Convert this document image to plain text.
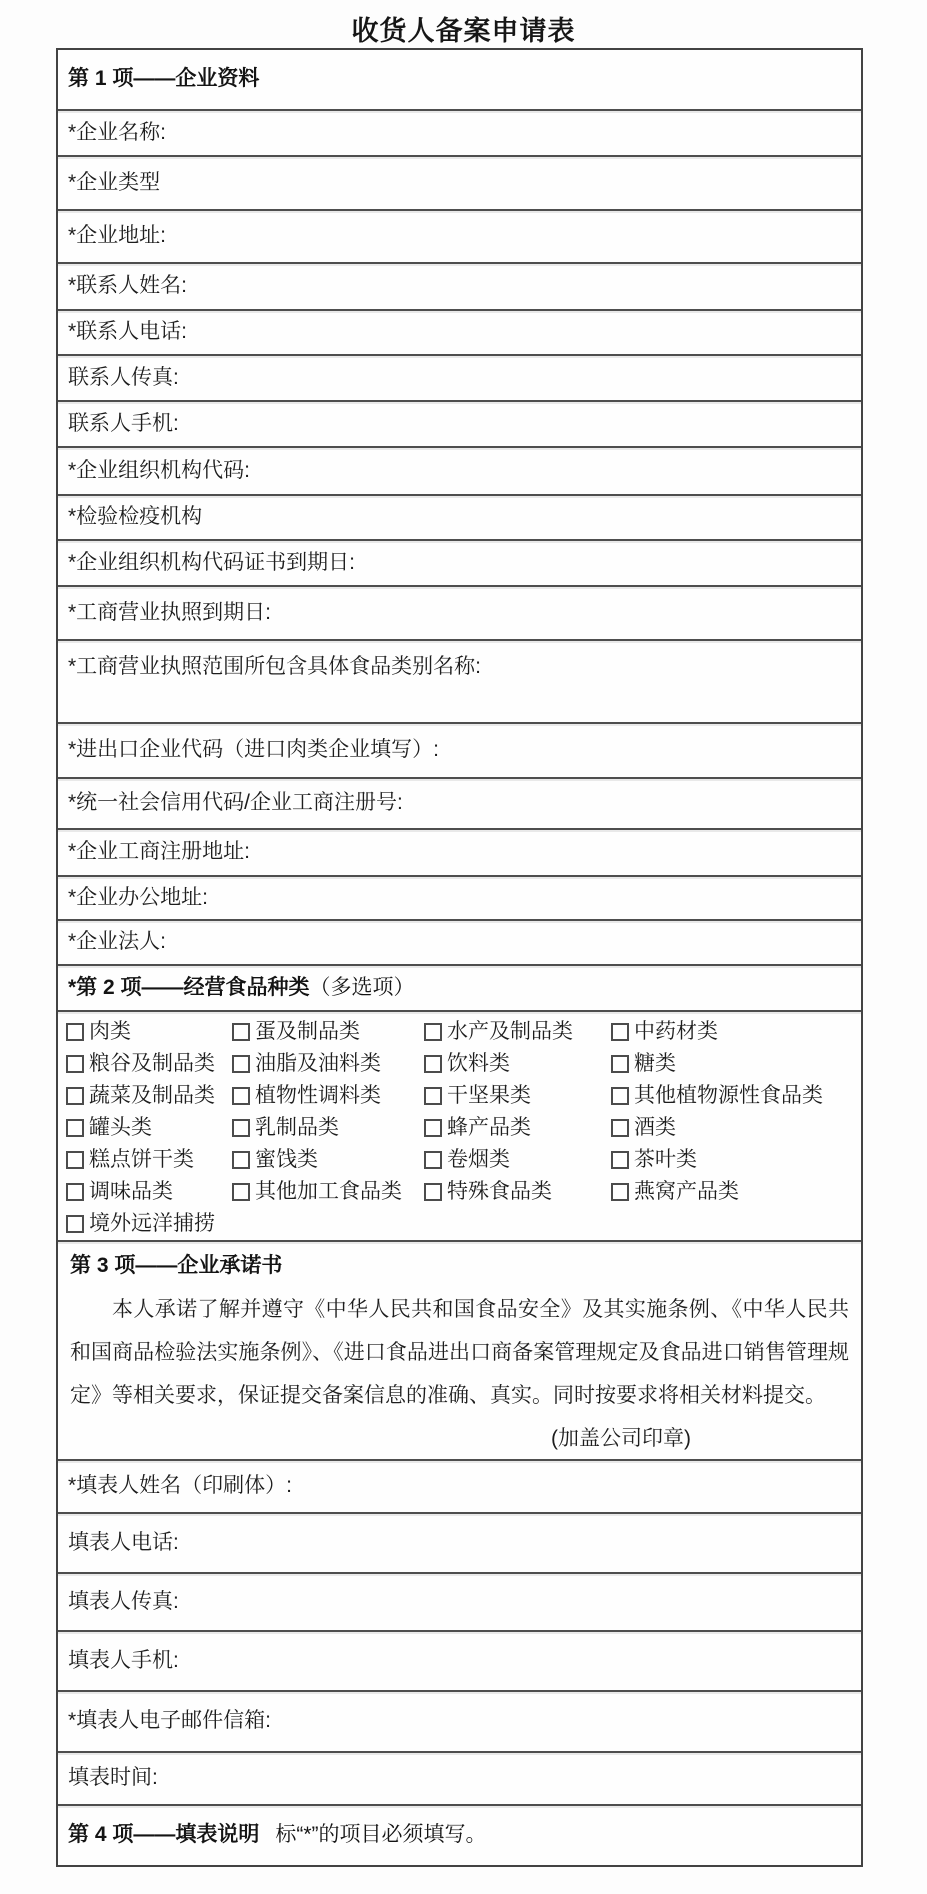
收货人备案申请表
第 1 项——企业资料
*企业名称:
*企业类型
*企业地址:
*联系人姓名:
*联系人电话:
联系人传真:
联系人手机:
*企业组织机构代码:
*检验检疫机构
*企业组织机构代码证书到期日:
*工商营业执照到期日:
*工商营业执照范围所包含具体食品类别名称:
*进出口企业代码（进口肉类企业填写）:
*统一社会信用代码/企业工商注册号:
*企业工商注册地址:
*企业办公地址:
*企业法人:
*第 2 项——经营食品种类 （多选项）
肉类	蛋及制品类	水产及制品类	中药材类
粮谷及制品类 油脂及油料类	饮料类	糖类
蔬菜及制品类 植物性调料类	干坚果类	其他植物源性食品类
罐头类	乳制品类	蜂产品类	酒类
糕点饼干类	蜜饯类	卷烟类	茶叶类
调味品类	其他加工食品类 特殊食品类	燕窝产品类
境外远洋捕捞
第 3 项——企业承诺书

本人承诺了解并遵守《中华人民共和国食品安全》及其实施条例、《中华人民共和国商品检验法实施条例》、《进口食品进出口商备案管理规定及食品进口销售管理规定》等相关要求，保证提交备案信息的准确、真实。同时按要求将相关材料提交。

(加盖公司印章)
*填表人姓名（印刷体）:
填表人电话:
填表人传真:
填表人手机:
*填表人电子邮件信箱:
填表时间:
第 4 项——填表说明 标“*”的项目必须填写。
